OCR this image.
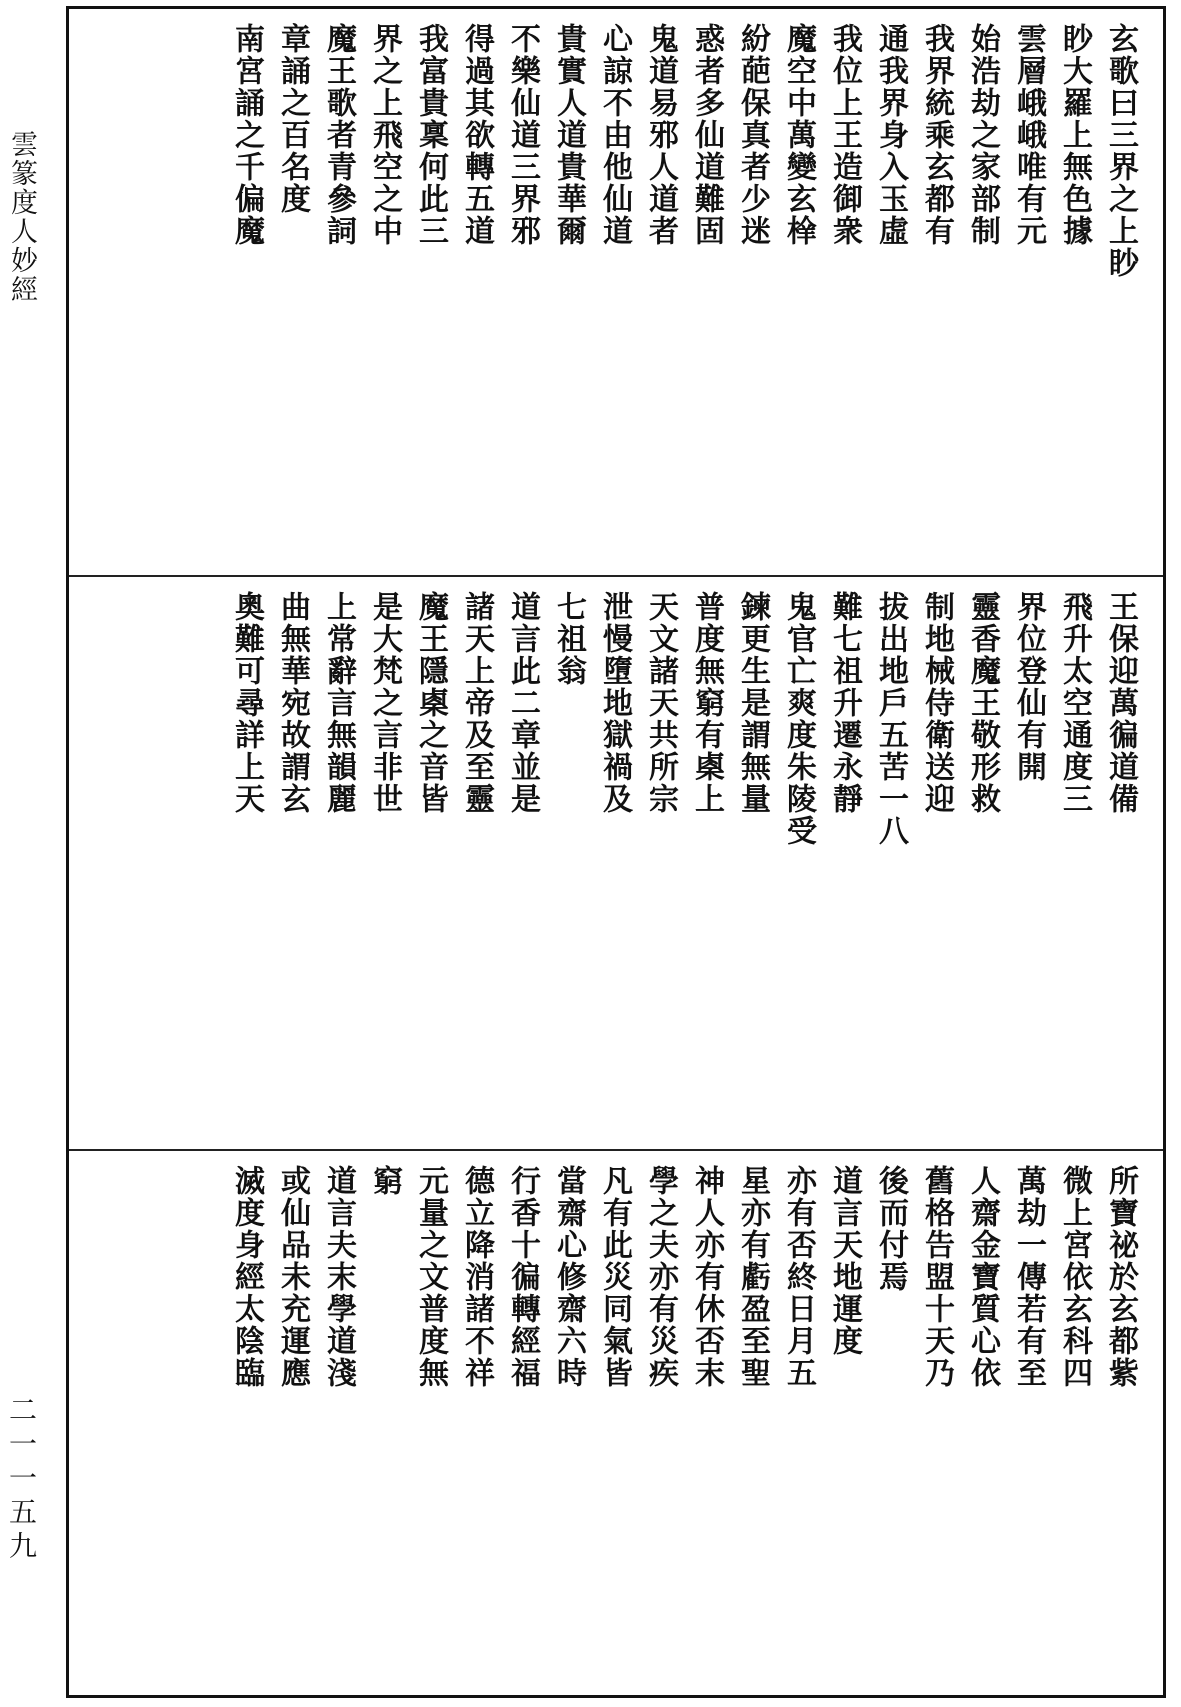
雲篆度人妙經
二一一五九
玄歌曰三界之上眇
眇大羅上無色據
雲層峨峨唯有元
始浩劫之家部制
我界統乘玄都有
通我界身入玉虛
我位上王造御衆
魔空中萬變玄㮆
紛葩保真者少迷
惑者多仙道難固
鬼道易邪人道者
心諒不由他仙道
貴實人道貴華爾
不樂仙道三界邪
得過其欲轉五道
我富貴稟何此三
界之上飛空之中
魔王歌者青參詞
章誦之百名度
南宮誦之千偏魔
王保迎萬徧道備
飛升太空通度三
界位登仙有開
靈香魔王敬形救
制地械侍衛送迎
拔出地戶五苦一八
難七祖升遷永靜
鬼官亡爽度朱陵受
鍊更生是謂無量
普度無窮有㮚上
天文諸天共所宗
泄慢墮地獄禍及
七祖翁
道言此二章並是
諸天上帝及至靈
魔王隱㮚之音皆
是大梵之言非世
上常辭言無韻麗
曲無華宛故謂玄
奧難可尋詳上天
所寶祕於玄都紫
微上宮依玄科四
萬劫一傳若有至
人齋金寶質心依
舊格告盟十天乃
後而付焉
道言天地運度
亦有否終日月五
星亦有虧盈至聖
神人亦有休否末
學之夫亦有災疾
凡有此災同氣皆
當齋心修齋六時
行香十徧轉經福
德立降消諸不祥
元量之文普度無
窮
道言夫末學道淺
或仙品未充運應
滅度身經太陰臨
